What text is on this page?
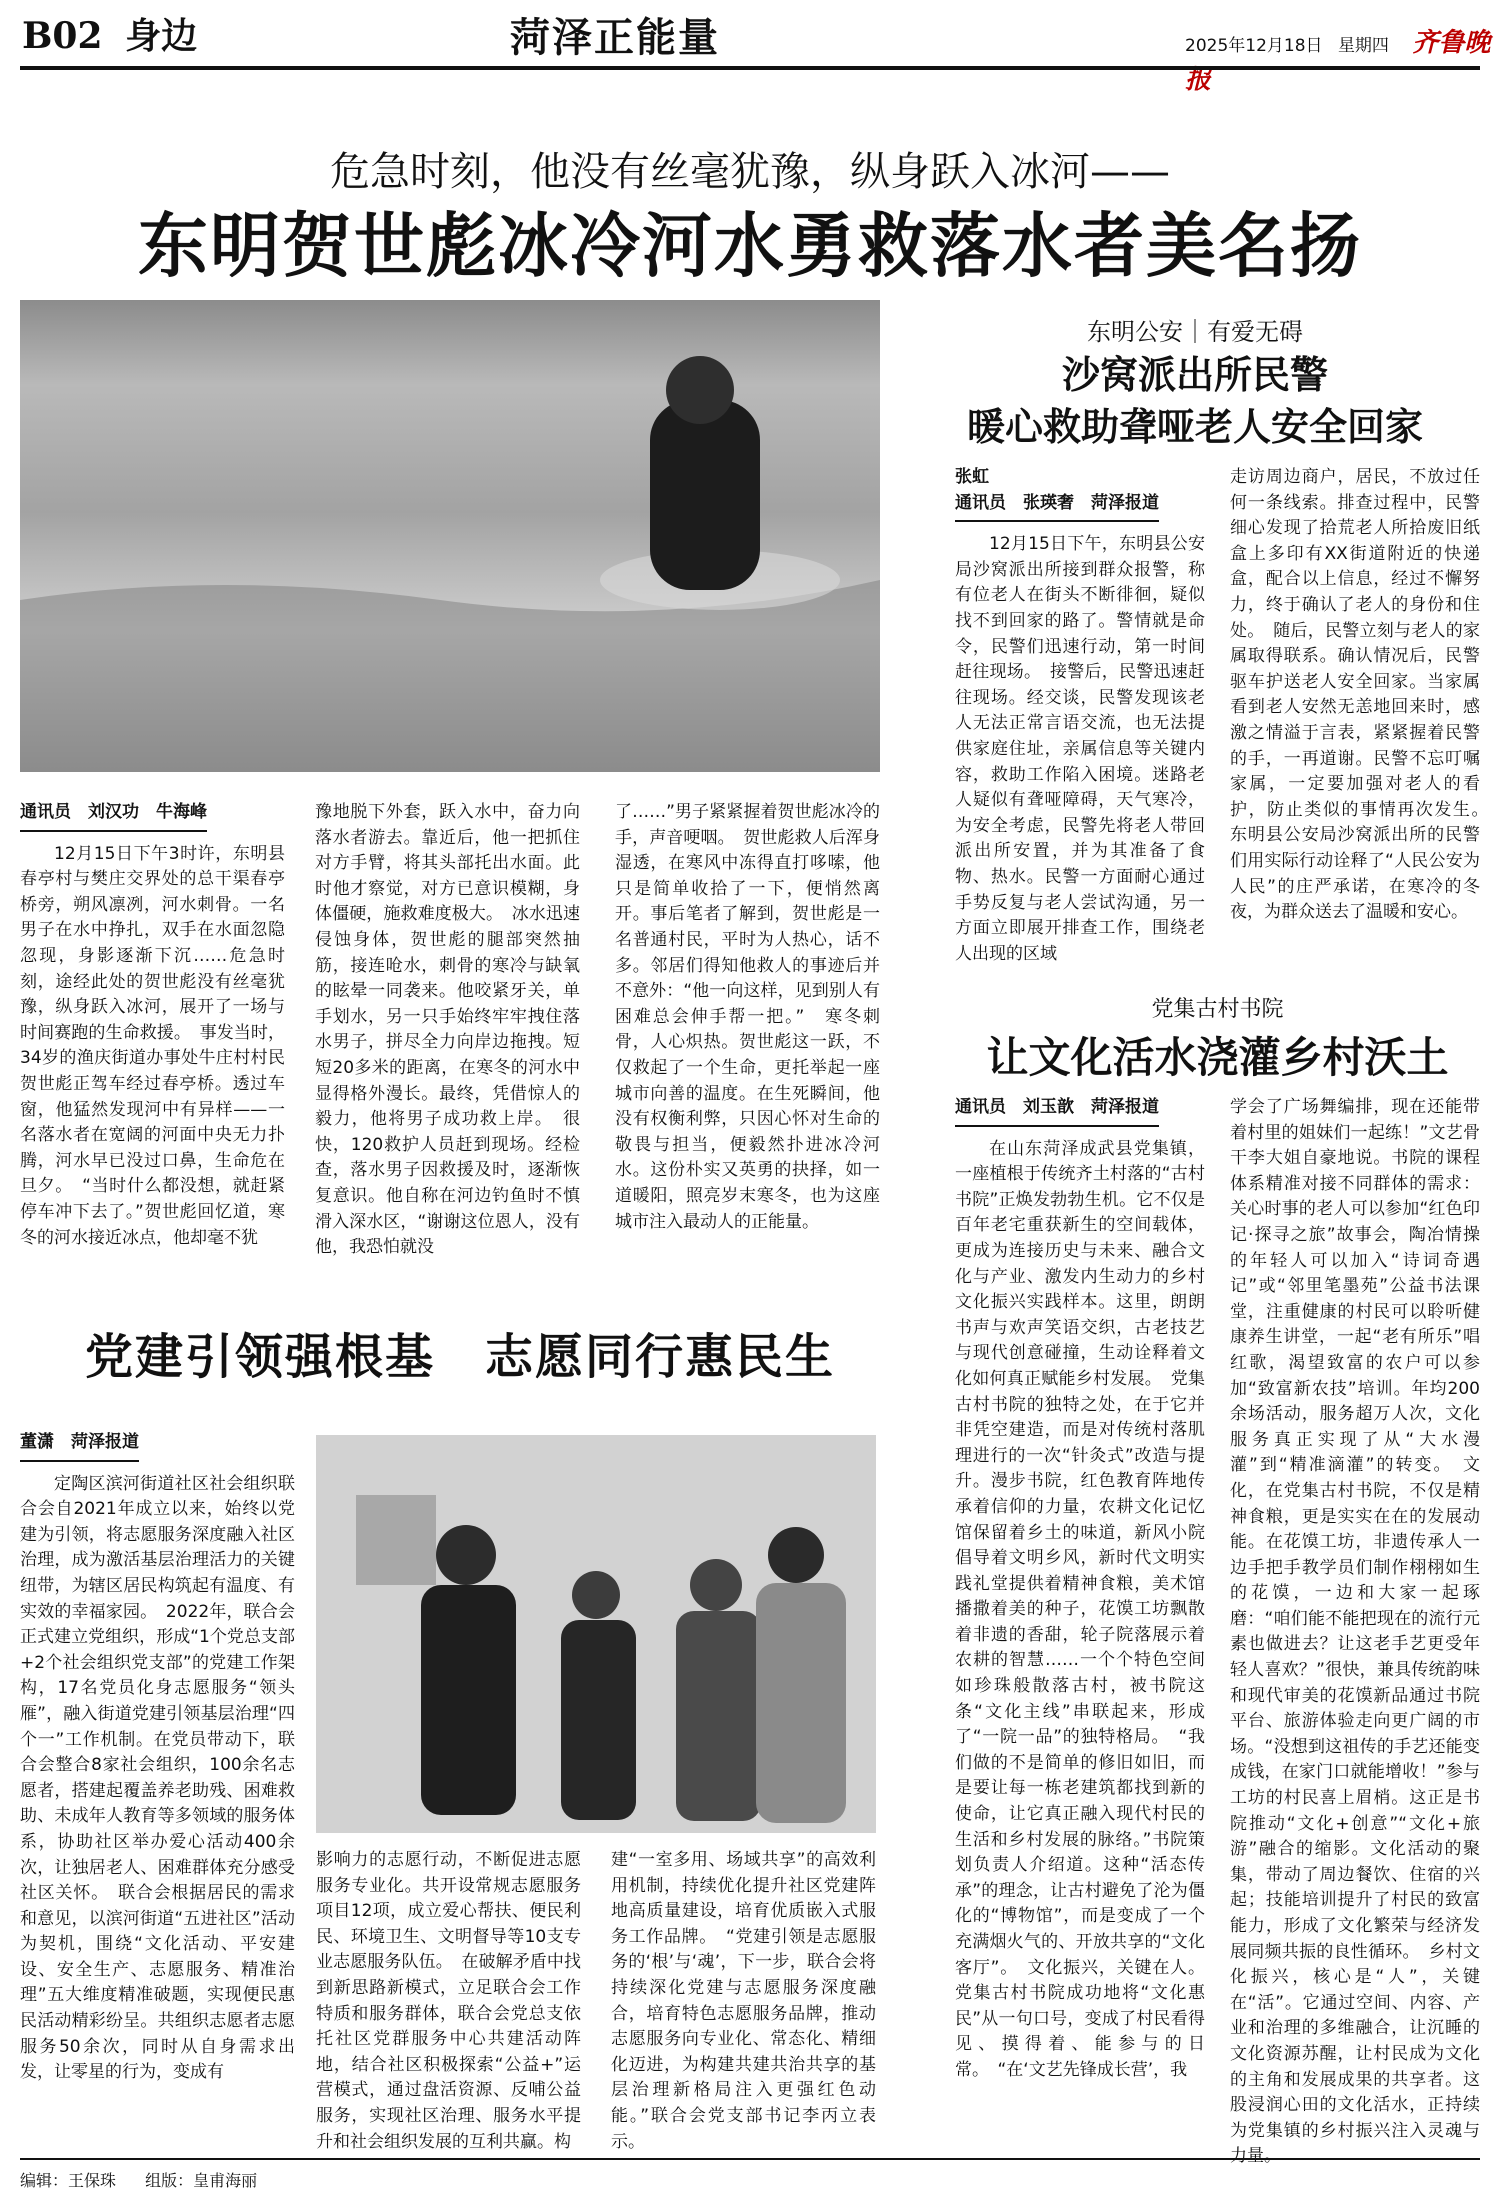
B02 身边	菏泽正能量	2025年12月18日 星期四 齐鲁晚报
危急时刻，他没有丝毫犹豫，纵身跃入冰河——
东明贺世彪冰冷河水勇救落水者美名扬
通讯员　刘汉功　牛海峰

12月15日下午3时许，东明县春亭村与樊庄交界处的总干渠春亭桥旁，朔风凛冽，河水刺骨。一名男子在水中挣扎，双手在水面忽隐忽现，身影逐渐下沉……危急时刻，途经此处的贺世彪没有丝毫犹豫，纵身跃入冰河，展开了一场与时间赛跑的生命救援。　事发当时，34岁的渔庆街道办事处牛庄村村民贺世彪正驾车经过春亭桥。透过车窗，他猛然发现河中有异样——一名落水者在宽阔的河面中央无力扑腾，河水早已没过口鼻，生命危在旦夕。　“当时什么都没想，就赶紧停车冲下去了。”贺世彪回忆道，寒冬的河水接近冰点，他却毫不犹

豫地脱下外套，跃入水中，奋力向落水者游去。靠近后，他一把抓住对方手臂，将其头部托出水面。此时他才察觉，对方已意识模糊，身体僵硬，施救难度极大。　冰水迅速侵蚀身体，贺世彪的腿部突然抽筋，接连呛水，刺骨的寒冷与缺氧的眩晕一同袭来。他咬紧牙关，单手划水，另一只手始终牢牢拽住落水男子，拼尽全力向岸边拖拽。短短20多米的距离，在寒冬的河水中显得格外漫长。最终，凭借惊人的毅力，他将男子成功救上岸。　很快，120救护人员赶到现场。经检查，落水男子因救援及时，逐渐恢复意识。他自称在河边钓鱼时不慎滑入深水区，“谢谢这位恩人，没有他，我恐怕就没

了……”男子紧紧握着贺世彪冰冷的手，声音哽咽。　贺世彪救人后浑身湿透，在寒风中冻得直打哆嗦，他只是简单收拾了一下，便悄然离开。事后笔者了解到，贺世彪是一名普通村民，平时为人热心，话不多。邻居们得知他救人的事迹后并不意外：“他一向这样，见到别人有困难总会伸手帮一把。”　寒冬刺骨，人心炽热。贺世彪这一跃，不仅救起了一个生命，更托举起一座城市向善的温度。在生死瞬间，他没有权衡利弊，只因心怀对生命的敬畏与担当，便毅然扑进冰冷河水。这份朴实又英勇的抉择，如一道暖阳，照亮岁末寒冬，也为这座城市注入最动人的正能量。

东明公安｜有爱无碍
沙窝派出所民警
暖心救助聋哑老人安全回家
张虹
通讯员　张瑛奢　菏泽报道

12月15日下午，东明县公安局沙窝派出所接到群众报警，称有位老人在街头不断徘徊，疑似找不到回家的路了。警情就是命令，民警们迅速行动，第一时间赶往现场。　接警后，民警迅速赶往现场。经交谈，民警发现该老人无法正常言语交流，也无法提供家庭住址，亲属信息等关键内容，救助工作陷入困境。迷路老人疑似有聋哑障碍，天气寒冷，为安全考虑，民警先将老人带回派出所安置，并为其准备了食物、热水。民警一方面耐心通过手势反复与老人尝试沟通，另一方面立即展开排查工作，围绕老人出现的区域

走访周边商户，居民，不放过任何一条线索。排查过程中，民警细心发现了拾荒老人所拾废旧纸盒上多印有XX街道附近的快递盒，配合以上信息，经过不懈努力，终于确认了老人的身份和住处。　随后，民警立刻与老人的家属取得联系。确认情况后，民警驱车护送老人安全回家。当家属看到老人安然无恙地回来时，感激之情溢于言表，紧紧握着民警的手，一再道谢。民警不忘叮嘱家属，一定要加强对老人的看护，防止类似的事情再次发生。　东明县公安局沙窝派出所的民警们用实际行动诠释了“人民公安为人民”的庄严承诺，在寒冷的冬夜，为群众送去了温暖和安心。

党集古村书院
让文化活水浇灌乡村沃土
通讯员　刘玉歆　菏泽报道

在山东菏泽成武县党集镇，一座植根于传统齐土村落的“古村书院”正焕发勃勃生机。它不仅是百年老宅重获新生的空间载体，更成为连接历史与未来、融合文化与产业、激发内生动力的乡村文化振兴实践样本。这里，朗朗书声与欢声笑语交织，古老技艺与现代创意碰撞，生动诠释着文化如何真正赋能乡村发展。　党集古村书院的独特之处，在于它并非凭空建造，而是对传统村落肌理进行的一次“针灸式”改造与提升。漫步书院，红色教育阵地传承着信仰的力量，农耕文化记忆馆保留着乡土的味道，新风小院倡导着文明乡风，新时代文明实践礼堂提供着精神食粮，美术馆播撒着美的种子，花馍工坊飘散着非遗的香甜，轮子院落展示着农耕的智慧……一个个特色空间如珍珠般散落古村，被书院这条“文化主线”串联起来，形成了“一院一品”的独特格局。　“我们做的不是简单的修旧如旧，而是要让每一栋老建筑都找到新的使命，让它真正融入现代村民的生活和乡村发展的脉络。”书院策划负责人介绍道。这种“活态传承”的理念，让古村避免了沦为僵化的“博物馆”，而是变成了一个充满烟火气的、开放共享的“文化客厅”。　文化振兴，关键在人。党集古村书院成功地将“文化惠民”从一句口号，变成了村民看得见、摸得着、能参与的日常。　“在‘文艺先锋成长营’，我

学会了广场舞编排，现在还能带着村里的姐妹们一起练！”文艺骨干李大姐自豪地说。书院的课程体系精准对接不同群体的需求：关心时事的老人可以参加“红色印记·探寻之旅”故事会，陶冶情操的年轻人可以加入“诗词奇遇记”或“邻里笔墨苑”公益书法课堂，注重健康的村民可以聆听健康养生讲堂，一起“老有所乐”唱红歌，渴望致富的农户可以参加“致富新农技”培训。年均200余场活动，服务超万人次，文化服务真正实现了从“大水漫灌”到“精准滴灌”的转变。　文化，在党集古村书院，不仅是精神食粮，更是实实在在的发展动能。在花馍工坊，非遗传承人一边手把手教学员们制作栩栩如生的花馍，一边和大家一起琢磨：“咱们能不能把现在的流行元素也做进去？让这老手艺更受年轻人喜欢？”很快，兼具传统韵味和现代审美的花馍新品通过书院平台、旅游体验走向更广阔的市场。“没想到这祖传的手艺还能变成钱，在家门口就能增收！”参与工坊的村民喜上眉梢。这正是书院推动“文化+创意”“文化+旅游”融合的缩影。文化活动的聚集，带动了周边餐饮、住宿的兴起；技能培训提升了村民的致富能力，形成了文化繁荣与经济发展同频共振的良性循环。　乡村文化振兴，核心是“人”，关键在“活”。它通过空间、内容、产业和治理的多维融合，让沉睡的文化资源苏醒，让村民成为文化的主角和发展成果的共享者。这股浸润心田的文化活水，正持续为党集镇的乡村振兴注入灵魂与力量。

党建引领强根基　志愿同行惠民生
董潇　菏泽报道

定陶区滨河街道社区社会组织联合会自2021年成立以来，始终以党建为引领，将志愿服务深度融入社区治理，成为激活基层治理活力的关键纽带，为辖区居民构筑起有温度、有实效的幸福家园。　2022年，联合会正式建立党组织，形成“1个党总支部+2个社会组织党支部”的党建工作架构，17名党员化身志愿服务“领头雁”，融入街道党建引领基层治理“四个一”工作机制。在党员带动下，联合会整合8家社会组织，100余名志愿者，搭建起覆盖养老助残、困难救助、未成年人教育等多领域的服务体系，协助社区举办爱心活动400余次，让独居老人、困难群体充分感受社区关怀。　联合会根据居民的需求和意见，以滨河街道“五进社区”活动为契机，围绕“文化活动、平安建设、安全生产、志愿服务、精准治理”五大维度精准破题，实现便民惠民活动精彩纷呈。共组织志愿者志愿服务50余次，同时从自身需求出发，让零星的行为，变成有

影响力的志愿行动，不断促进志愿服务专业化。共开设常规志愿服务项目12项，成立爱心帮扶、便民利民、环境卫生、文明督导等10支专业志愿服务队伍。　在破解矛盾中找到新思路新模式，立足联合会工作特质和服务群体，联合会党总支依托社区党群服务中心共建活动阵地，结合社区积极探索“公益+”运营模式，通过盘活资源、反哺公益服务，实现社区治理、服务水平提升和社会组织发展的互利共赢。构

建“一室多用、场域共享”的高效利用机制，持续优化提升社区党建阵地高质量建设，培育优质嵌入式服务工作品牌。　“党建引领是志愿服务的‘根’与‘魂’，下一步，联合会将持续深化党建与志愿服务深度融合，培育特色志愿服务品牌，推动志愿服务向专业化、常态化、精细化迈进，为构建共建共治共享的基层治理新格局注入更强红色动能。”联合会党支部书记李丙立表示。

编辑：王保珠 组版：皇甫海丽
